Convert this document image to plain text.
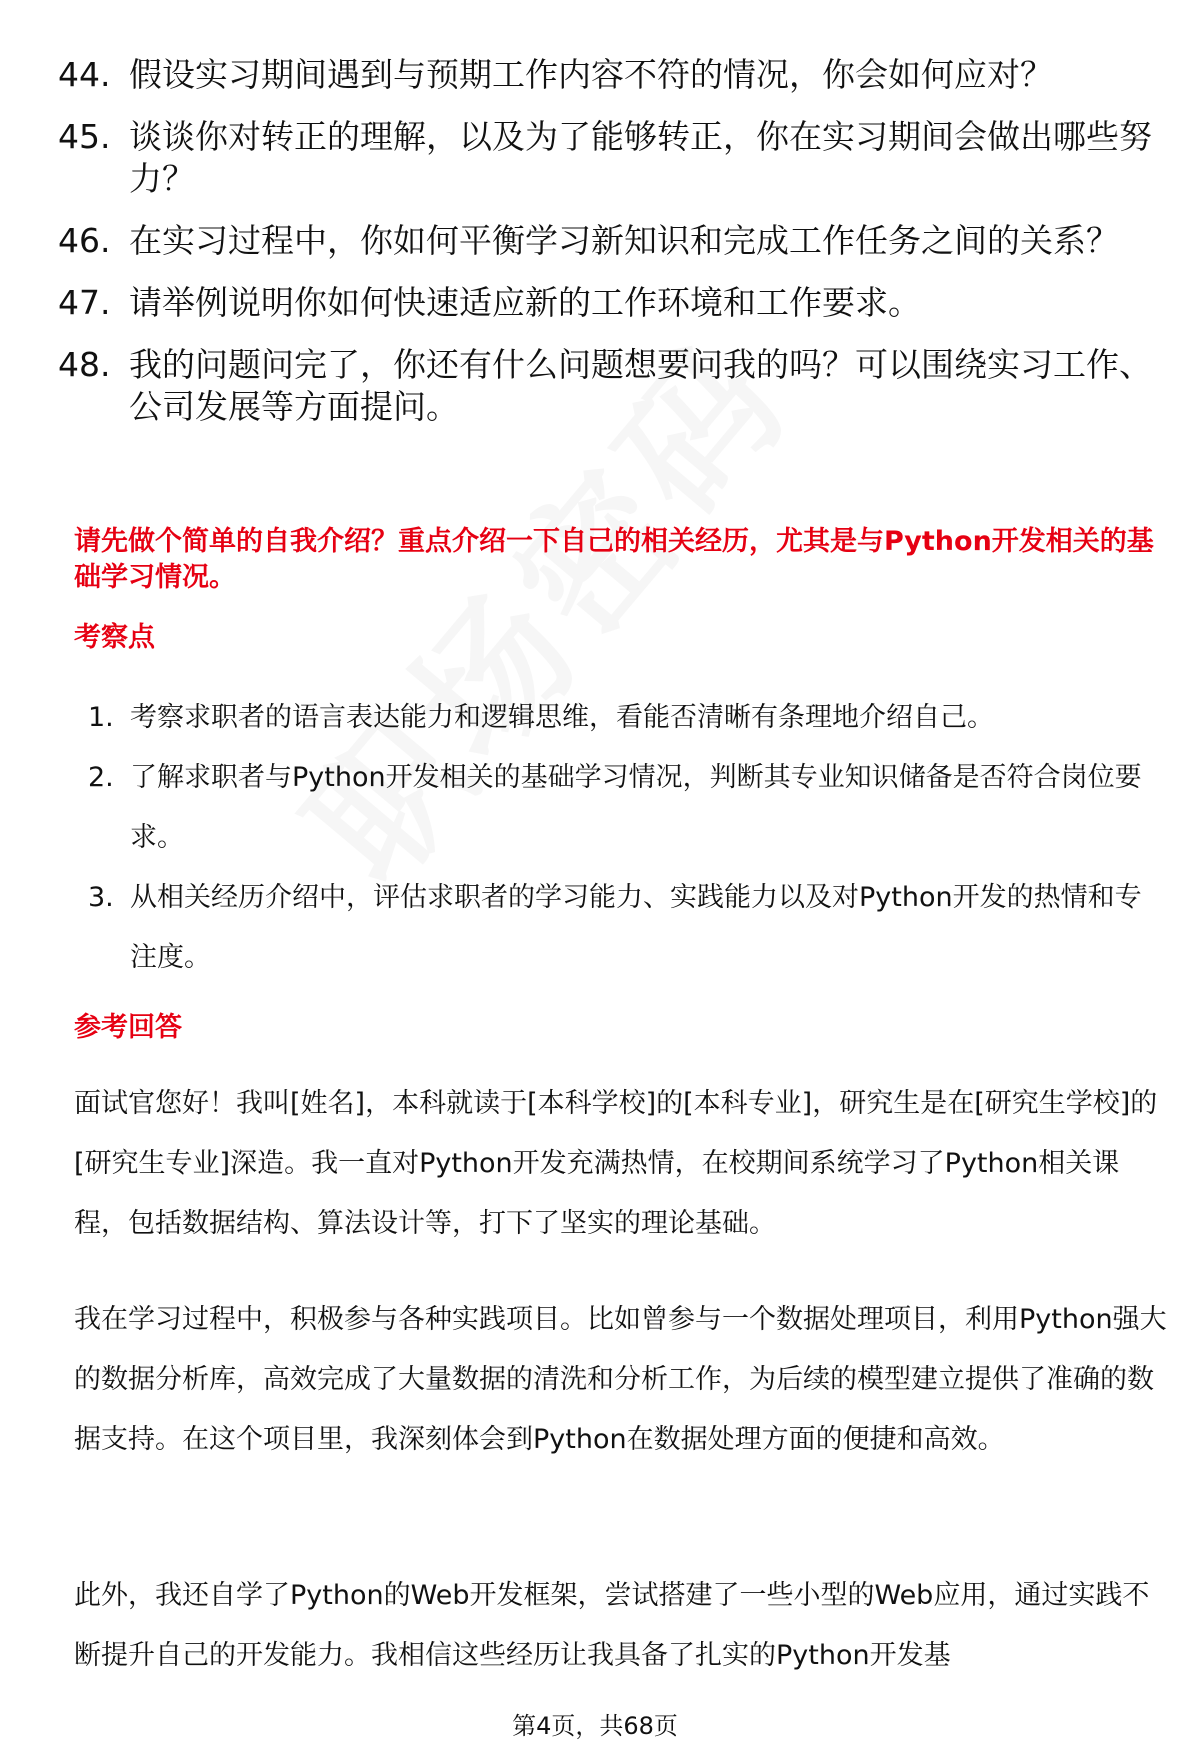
44. 假设实习期间遇到与预期工作内容不符的情况，你会如何应对？
45. 谈谈你对转正的理解，以及为了能够转正，你在实习期间会做出哪些努力？
46. 在实习过程中，你如何平衡学习新知识和完成工作任务之间的关系？
47. 请举例说明你如何快速适应新的工作环境和工作要求。
48. 我的问题问完了，你还有什么问题想要问我的吗？可以围绕实习工作、公司发展等方面提问。
请先做个简单的自我介绍？重点介绍一下自己的相关经历，尤其是与Python开发相关的基础学习情况。
考察点
1. 考察求职者的语言表达能力和逻辑思维，看能否清晰有条理地介绍自己。
2. 了解求职者与Python开发相关的基础学习情况，判断其专业知识储备是否符合岗位要求。
3. 从相关经历介绍中，评估求职者的学习能力、实践能力以及对Python开发的热情和专注度。
参考回答
面试官您好！我叫[姓名]，本科就读于[本科学校]的[本科专业]，研究生是在[研究生学校]的[研究生专业]深造。我一直对Python开发充满热情，在校期间系统学习了Python相关课程，包括数据结构、算法设计等，打下了坚实的理论基础。
我在学习过程中，积极参与各种实践项目。比如曾参与一个数据处理项目，利用Python强大的数据分析库，高效完成了大量数据的清洗和分析工作，为后续的模型建立提供了准确的数据支持。在这个项目里，我深刻体会到Python在数据处理方面的便捷和高效。
此外，我还自学了Python的Web开发框架，尝试搭建了一些小型的Web应用，通过实践不断提升自己的开发能力。我相信这些经历让我具备了扎实的Python开发基
第4页，共68页
